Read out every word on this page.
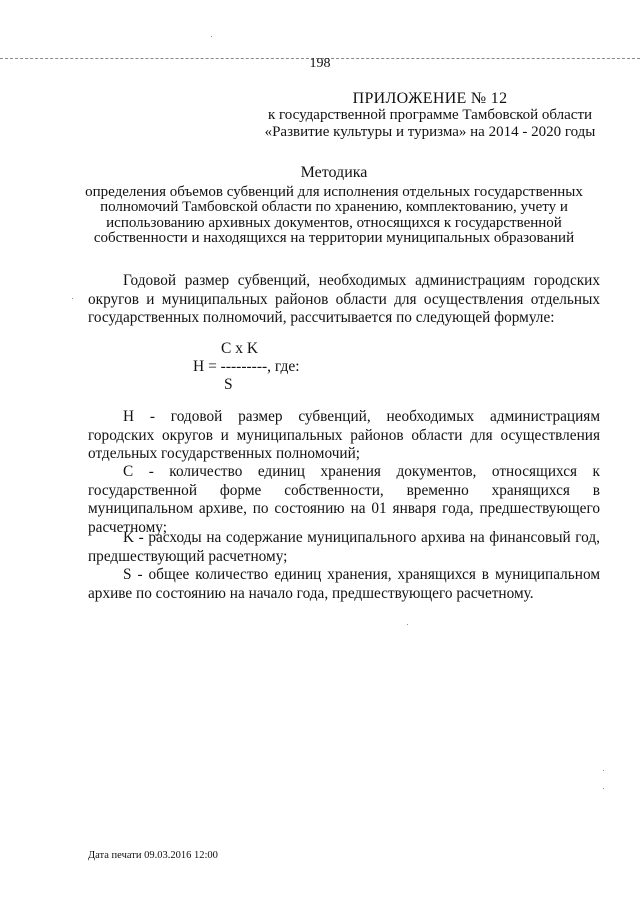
198
ПРИЛОЖЕНИЕ № 12
к государственной программе Тамбовской области
«Развитие культуры и туризма» на 2014 - 2020 годы
Методика
определения объемов субвенций для исполнения отдельных государственных
полномочий Тамбовской области по хранению, комплектованию, учету и
использованию архивных документов, относящихся к государственной
собственности и находящихся на территории муниципальных образований
Годовой размер субвенций, необходимых администрациям городских
округов и муниципальных районов области для осуществления отдельных
государственных полномочий, рассчитывается по следующей формуле:
C x K
H = ---------, где:
S
H - годовой размер субвенций, необходимых администрациям
городских округов и муниципальных районов области для осуществления
отдельных государственных полномочий;
C - количество единиц хранения документов, относящихся к
государственной форме собственности, временно хранящихся в
муниципальном архиве, по состоянию на 01 января года, предшествующего
расчетному;
K - расходы на содержание муниципального архива на финансовый год,
предшествующий расчетному;
S - общее количество единиц хранения, хранящихся в муниципальном
архиве по состоянию на начало года, предшествующего расчетному.
Дата печати 09.03.2016 12:00
